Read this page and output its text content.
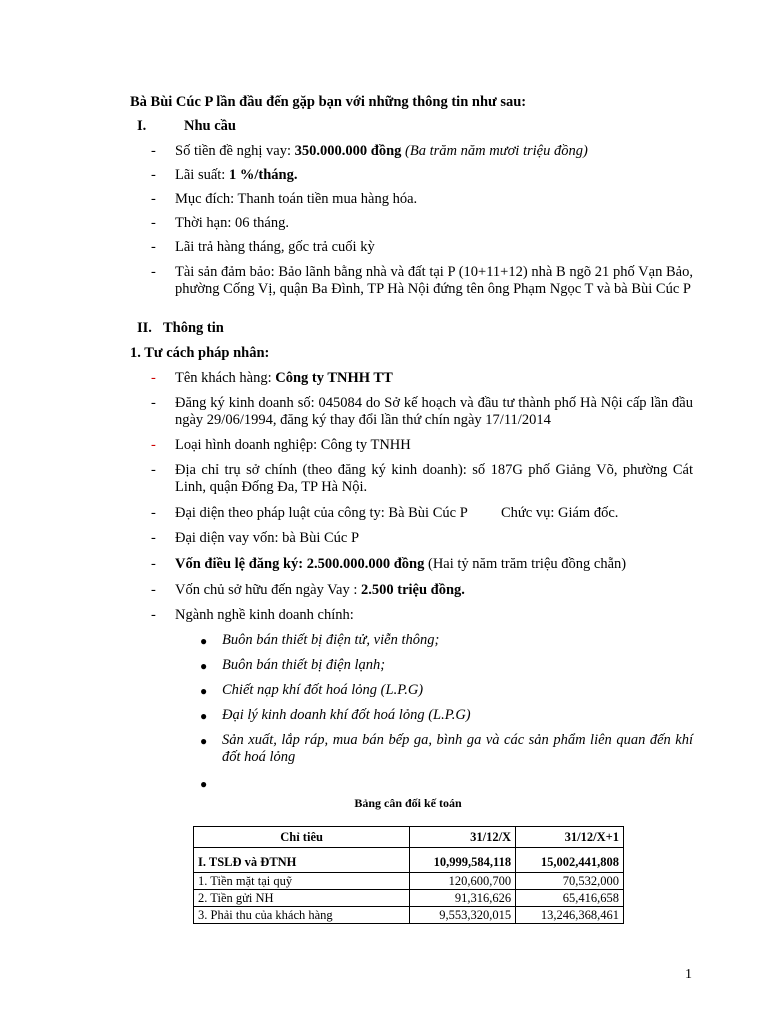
Bà Bùi Cúc P lần đầu đến gặp bạn với những thông tin như sau:
I.	Nhu cầu
- Số tiền đề nghị vay: 350.000.000 đồng (Ba trăm năm mươi triệu đồng)
- Lãi suất: 1 %/tháng.
- Mục đích: Thanh toán tiền mua hàng hóa.
- Thời hạn: 06 tháng.
- Lãi trả hàng tháng, gốc trả cuối kỳ
- Tài sản đảm bảo: Bảo lãnh bằng nhà và đất tại P (10+11+12) nhà B ngõ 21 phố Vạn Bảo, phường Cống Vị, quận Ba Đình, TP Hà Nội đứng tên ông Phạm Ngọc T và bà Bùi Cúc P
II. Thông tin
1. Tư cách pháp nhân:
- Tên khách hàng: Công ty TNHH TT
- Đăng ký kinh doanh số: 045084 do Sở kế hoạch và đầu tư thành phố Hà Nội cấp lần đầu ngày 29/06/1994, đăng ký thay đổi lần thứ chín ngày 17/11/2014
- Loại hình doanh nghiệp: Công ty TNHH
- Địa chỉ trụ sở chính (theo đăng ký kinh doanh): số 187G phố Giảng Võ, phường Cát Linh, quận Đống Đa, TP Hà Nội.
- Đại diện theo pháp luật của công ty: Bà Bùi Cúc P Chức vụ: Giám đốc.
- Đại diện vay vốn: bà Bùi Cúc P
- Vốn điều lệ đăng ký: 2.500.000.000 đồng (Hai tỷ năm trăm triệu đồng chẵn)
- Vốn chủ sở hữu đến ngày Vay : 2.500 triệu đồng.
- Ngành nghề kinh doanh chính:
● Buôn bán thiết bị điện tử, viễn thông;
● Buôn bán thiết bị điện lạnh;
● Chiết nạp khí đốt hoá lỏng (L.P.G)
● Đại lý kinh doanh khí đốt hoá lỏng (L.P.G)
● Sản xuất, lắp ráp, mua bán bếp ga, bình ga và các sản phẩm liên quan đến khí đốt hoá lỏng
●
Bảng cân đối kế toán
Chỉ tiêu	31/12/X	31/12/X+1
I. TSLĐ và ĐTNH	10,999,584,118	15,002,441,808
1. Tiền mặt tại quỹ	120,600,700	70,532,000
2. Tiền gửi NH	91,316,626	65,416,658
3. Phải thu của khách hàng	9,553,320,015	13,246,368,461
1
